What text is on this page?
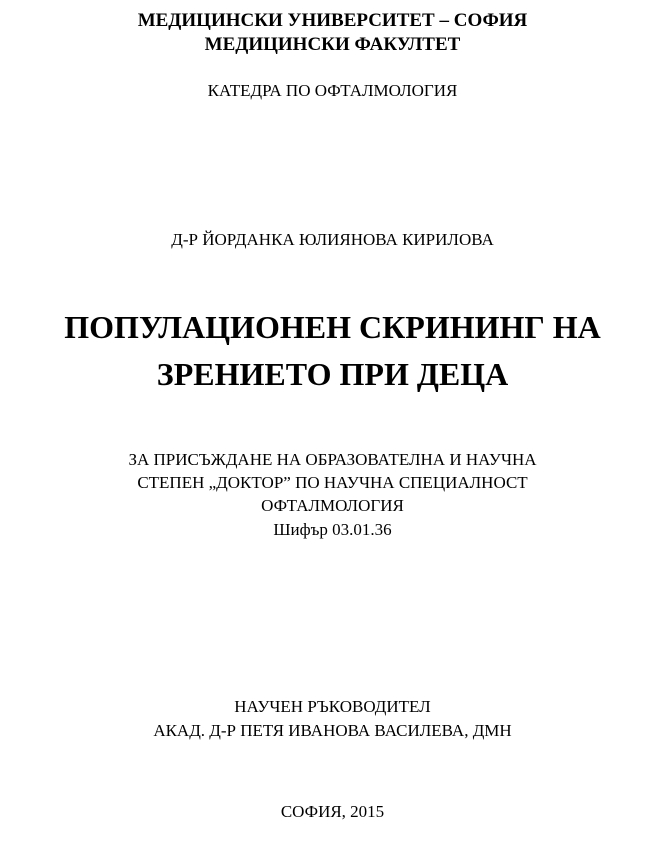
МЕДИЦИНСКИ УНИВЕРСИТЕТ – СОФИЯ
МЕДИЦИНСКИ ФАКУЛТЕТ
КАТЕДРА ПО ОФТАЛМОЛОГИЯ
Д-Р ЙОРДАНКА ЮЛИЯНОВА КИРИЛОВА
ПОПУЛАЦИОНЕН СКРИНИНГ НА
ЗРЕНИЕТО ПРИ ДЕЦА
ЗА ПРИСЪЖДАНЕ НА ОБРАЗОВАТЕЛНА И НАУЧНА
СТЕПЕН „ДОКТОР” ПО НАУЧНА СПЕЦИАЛНОСТ
ОФТАЛМОЛОГИЯ
Шифър 03.01.36
НАУЧЕН РЪКОВОДИТЕЛ
АКАД. Д-Р ПЕТЯ ИВАНОВА ВАСИЛЕВА, ДМН
СОФИЯ, 2015
